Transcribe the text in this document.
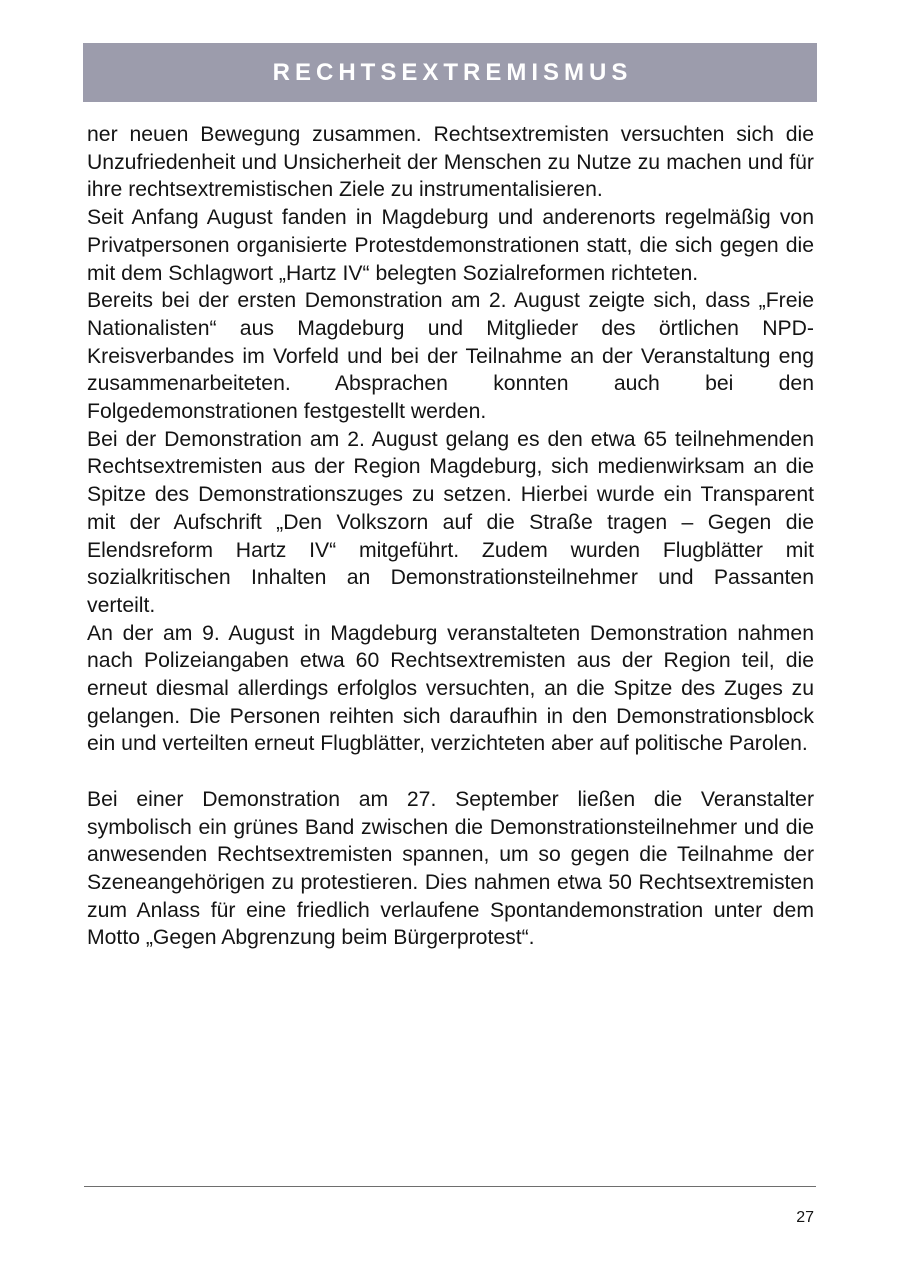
RECHTSEXTREMISMUS

ner neuen Bewegung zusammen. Rechtsextremisten versuchten sich die Unzufriedenheit und Unsicherheit der Menschen zu Nutze zu machen und für ihre rechtsextremistischen Ziele zu instrumentalisieren.

Seit Anfang August fanden in Magdeburg und anderenorts regelmäßig von Privatpersonen organisierte Protestdemonstrationen statt, die sich gegen die mit dem Schlagwort „Hartz IV“ belegten Sozialreformen richteten.

Bereits bei der ersten Demonstration am 2. August zeigte sich, dass „Freie Nationalisten“ aus Magdeburg und Mitglieder des örtlichen NPD-Kreisverbandes im Vorfeld und bei der Teilnahme an der Veranstaltung eng zusammenarbeiteten. Absprachen konnten auch bei den Folgedemonstrationen festgestellt werden.

Bei der Demonstration am 2. August gelang es den etwa 65 teilnehmenden Rechtsextremisten aus der Region Magdeburg, sich medienwirksam an die Spitze des Demonstrationszuges zu setzen. Hierbei wurde ein Transparent mit der Aufschrift „Den Volkszorn auf die Straße tragen – Gegen die Elendsreform Hartz IV“ mitgeführt. Zudem wurden Flugblätter mit sozialkritischen Inhalten an Demonstrationsteilnehmer und Passanten verteilt.

An der am 9. August in Magdeburg veranstalteten Demonstration nahmen nach Polizeiangaben etwa 60 Rechtsextremisten aus der Region teil, die erneut diesmal allerdings erfolglos versuchten, an die Spitze des Zuges zu gelangen. Die Personen reihten sich daraufhin in den Demonstrationsblock ein und verteilten erneut Flugblätter, verzichteten aber auf politische Parolen.

Bei einer Demonstration am 27. September ließen die Veranstalter symbolisch ein grünes Band zwischen die Demonstrationsteilnehmer und die anwesenden Rechtsextremisten spannen, um so gegen die Teilnahme der Szeneangehörigen zu protestieren. Dies nahmen etwa 50 Rechtsextremisten zum Anlass für eine friedlich verlaufene Spontandemonstration unter dem Motto „Gegen Abgrenzung beim Bürgerprotest“.

27
